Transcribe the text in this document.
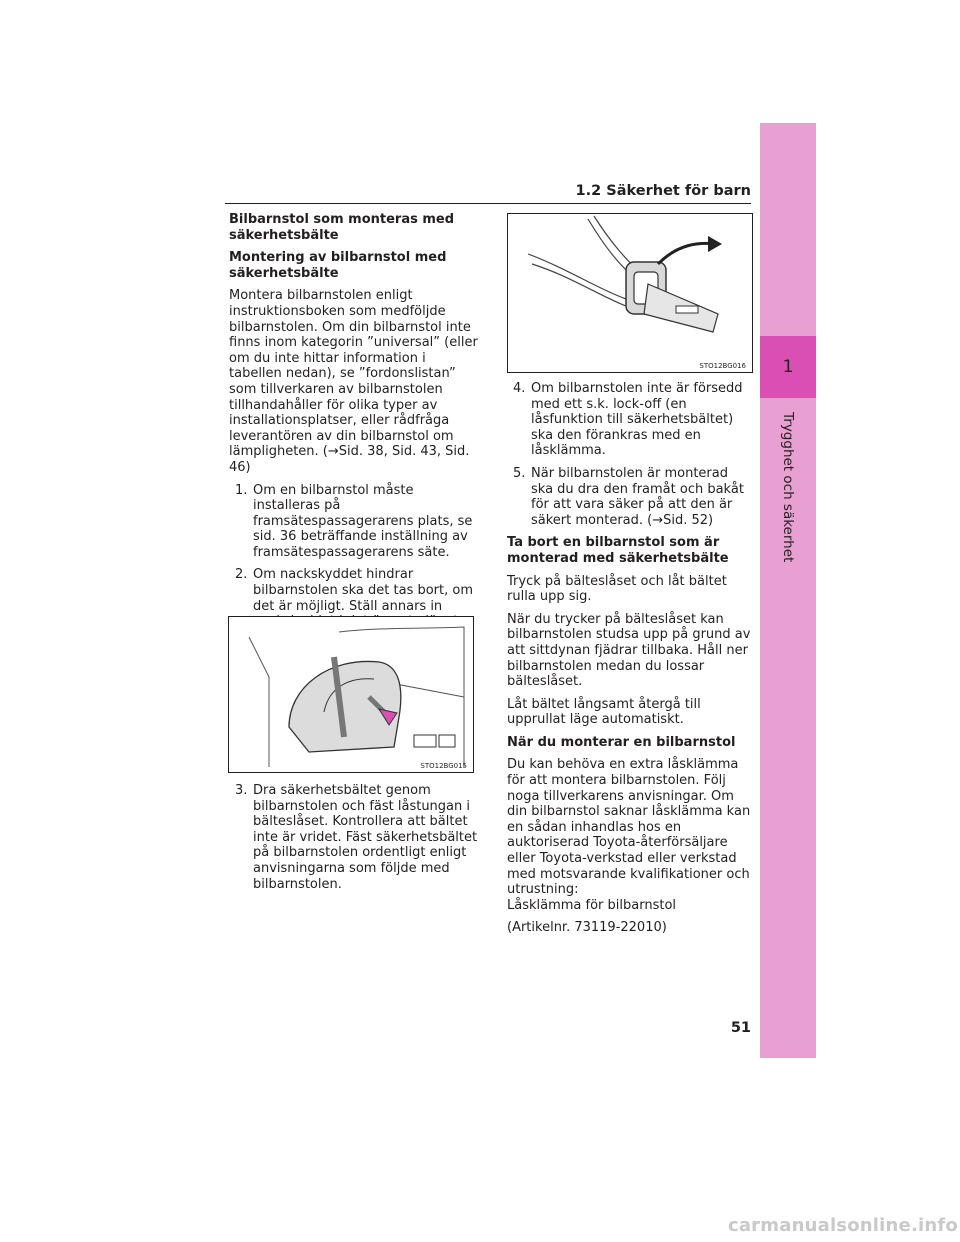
1
Trygghet och säkerhet
1.2 Säkerhet för barn

Bilbarnstol som monteras med säkerhetsbälte

Montering av bilbarnstol med säkerhetsbälte

Montera bilbarnstolen enligt instruktionsboken som medföljde bilbarnstolen. Om din bilbarnstol inte finns inom kategorin ”universal” (eller om du inte hittar information i tabellen nedan), se ”fordonslistan” som tillverkaren av bilbarnstolen tillhandahåller för olika typer av installationsplatser, eller rådfråga leverantören av din bilbarnstol om lämpligheten. (→Sid. 38, Sid. 43, Sid. 46)

1. Om en bilbarnstol måste installeras på framsätespassagerarens plats, se sid. 36 beträffande inställning av framsätespassagerarens säte.

2. Om nackskyddet hindrar bilbarnstolen ska det tas bort, om det är möjligt. Ställ annars in

STO12BG016
STO12BG015

3. Dra säkerhetsbältet genom bilbarnstolen och fäst låstungan i bälteslåset. Kontrollera att bältet inte är vridet. Fäst säkerhetsbältet på bilbarnstolen ordentligt enligt anvisningarna som följde med bilbarnstolen.

4. Om bilbarnstolen inte är försedd med ett s.k. lock-off (en låsfunktion till säkerhetsbältet) ska den förankras med en låsklämma.

5. När bilbarnstolen är monterad ska du dra den framåt och bakåt för att vara säker på att den är säkert monterad. (→Sid. 52)

Ta bort en bilbarnstol som är monterad med säkerhetsbälte

Tryck på bälteslåset och låt bältet rulla upp sig.

När du trycker på bälteslåset kan bilbarnstolen studsa upp på grund av att sittdynan fjädrar tillbaka. Håll ner bilbarnstolen medan du lossar bälteslåset.

Låt bältet långsamt återgå till upprullat läge automatiskt.

När du monterar en bilbarnstol

Du kan behöva en extra låsklämma för att montera bilbarnstolen. Följ noga tillverkarens anvisningar. Om din bilbarnstol saknar låsklämma kan en sådan inhandlas hos en auktoriserad Toyota-återförsäljare eller Toyota-verkstad eller verkstad med motsvarande kvalifikationer och utrustning:

Låsklämma för bilbarnstol

(Artikelnr. 73119-22010)

51
carmanualsonline.info
